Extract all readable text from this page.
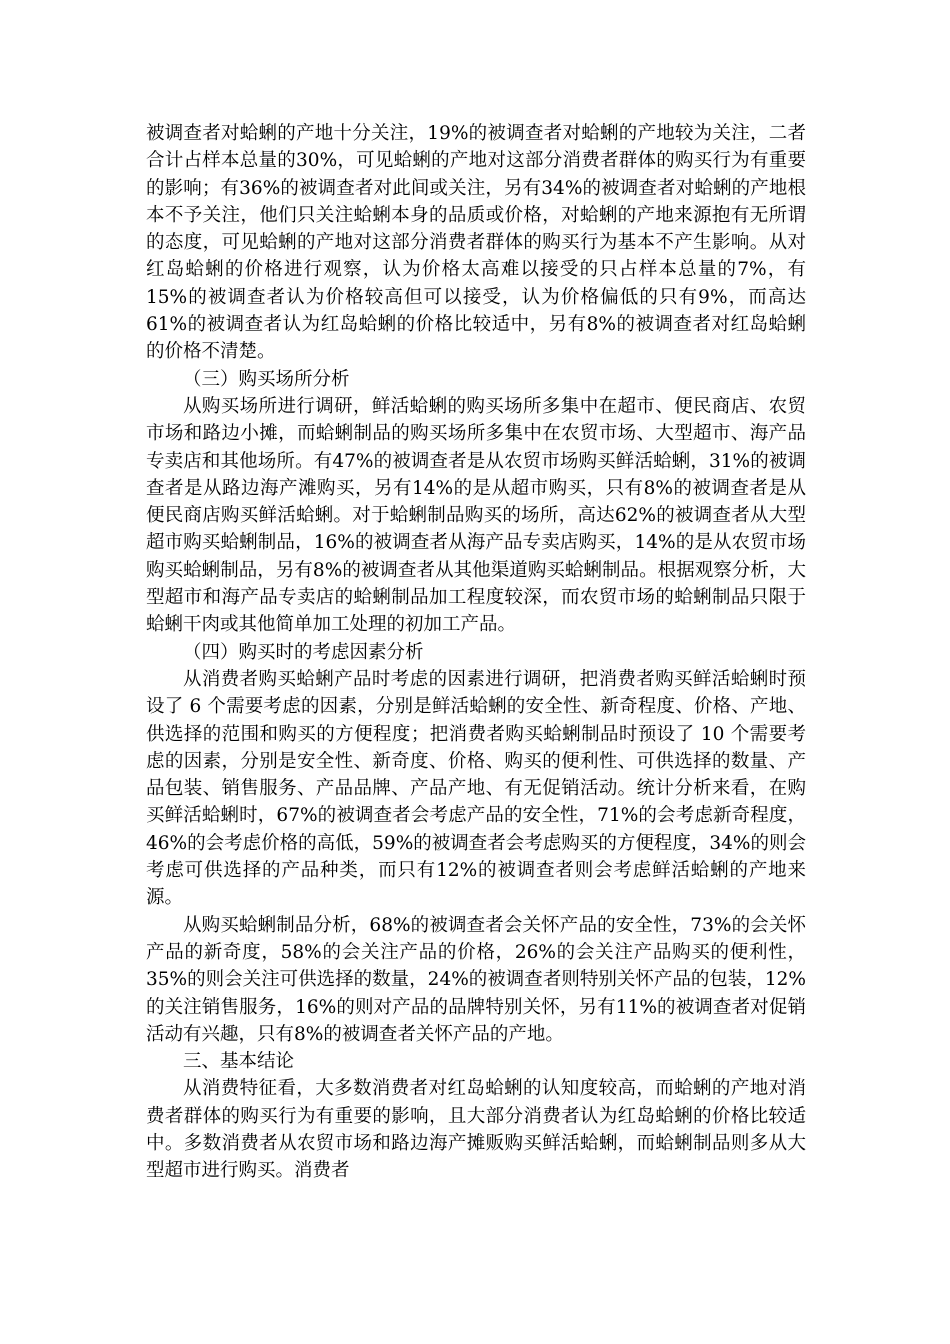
被调查者对蛤蜊的产地十分关注，19%的被调查者对蛤蜊的产地较为关注，二者合计占样本总量的30%，可见蛤蜊的产地对这部分消费者群体的购买行为有重要的影响；有36%的被调查者对此间或关注，另有34%的被调查者对蛤蜊的产地根本不予关注，他们只关注蛤蜊本身的品质或价格，对蛤蜊的产地来源抱有无所谓的态度，可见蛤蜊的产地对这部分消费者群体的购买行为基本不产生影响。从对红岛蛤蜊的价格进行观察，认为价格太高难以接受的只占样本总量的7%，有15%的被调查者认为价格较高但可以接受，认为价格偏低的只有9%，而高达61%的被调查者认为红岛蛤蜊的价格比较适中，另有8%的被调查者对红岛蛤蜊的价格不清楚。

（三）购买场所分析

从购买场所进行调研，鲜活蛤蜊的购买场所多集中在超市、便民商店、农贸市场和路边小摊，而蛤蜊制品的购买场所多集中在农贸市场、大型超市、海产品专卖店和其他场所。有47%的被调查者是从农贸市场购买鲜活蛤蜊，31%的被调查者是从路边海产滩购买，另有14%的是从超市购买，只有8%的被调查者是从便民商店购买鲜活蛤蜊。对于蛤蜊制品购买的场所，高达62%的被调查者从大型超市购买蛤蜊制品，16%的被调查者从海产品专卖店购买，14%的是从农贸市场购买蛤蜊制品，另有8%的被调查者从其他渠道购买蛤蜊制品。根据观察分析，大型超市和海产品专卖店的蛤蜊制品加工程度较深，而农贸市场的蛤蜊制品只限于蛤蜊干肉或其他简单加工处理的初加工产品。

（四）购买时的考虑因素分析

从消费者购买蛤蜊产品时考虑的因素进行调研，把消费者购买鲜活蛤蜊时预设了 6 个需要考虑的因素，分别是鲜活蛤蜊的安全性、新奇程度、价格、产地、供选择的范围和购买的方便程度；把消费者购买蛤蜊制品时预设了 10 个需要考虑的因素，分别是安全性、新奇度、价格、购买的便利性、可供选择的数量、产品包装、销售服务、产品品牌、产品产地、有无促销活动。统计分析来看，在购买鲜活蛤蜊时，67%的被调查者会考虑产品的安全性，71%的会考虑新奇程度，46%的会考虑价格的高低，59%的被调查者会考虑购买的方便程度，34%的则会考虑可供选择的产品种类，而只有12%的被调查者则会考虑鲜活蛤蜊的产地来源。

从购买蛤蜊制品分析，68%的被调查者会关怀产品的安全性，73%的会关怀产品的新奇度，58%的会关注产品的价格，26%的会关注产品购买的便利性，35%的则会关注可供选择的数量，24%的被调查者则特别关怀产品的包装，12%的关注销售服务，16%的则对产品的品牌特别关怀，另有11%的被调查者对促销活动有兴趣，只有8%的被调查者关怀产品的产地。

三、基本结论

从消费特征看，大多数消费者对红岛蛤蜊的认知度较高，而蛤蜊的产地对消费者群体的购买行为有重要的影响，且大部分消费者认为红岛蛤蜊的价格比较适中。多数消费者从农贸市场和路边海产摊贩购买鲜活蛤蜊，而蛤蜊制品则多从大型超市进行购买。消费者
